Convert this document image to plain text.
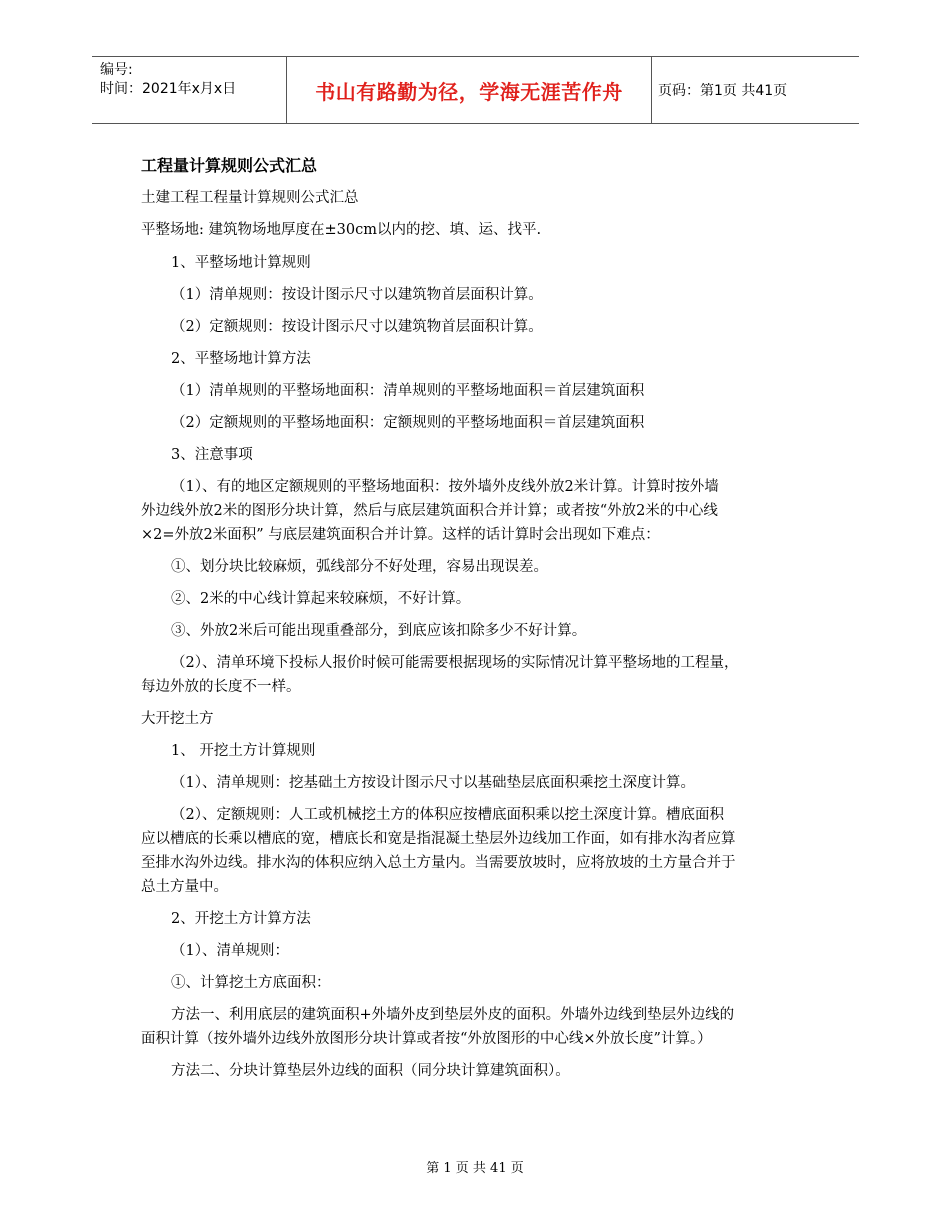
编号:
时间：2021年x月x日	书山有路勤为径，学海无涯苦作舟	页码：第1页 共41页
工程量计算规则公式汇总
土建工程工程量计算规则公式汇总
平整场地: 建筑物场地厚度在±30cm以内的挖、填、运、找平.
1、平整场地计算规则
（1）清单规则：按设计图示尺寸以建筑物首层面积计算。
（2）定额规则：按设计图示尺寸以建筑物首层面积计算。
2、平整场地计算方法
（1）清单规则的平整场地面积：清单规则的平整场地面积＝首层建筑面积
（2）定额规则的平整场地面积：定额规则的平整场地面积＝首层建筑面积
3、注意事项
（1）、有的地区定额规则的平整场地面积：按外墙外皮线外放2米计算。计算时按外墙
外边线外放2米的图形分块计算，然后与底层建筑面积合并计算；或者按“外放2米的中心线
×2=外放2米面积” 与底层建筑面积合并计算。这样的话计算时会出现如下难点：
①、划分块比较麻烦，弧线部分不好处理，容易出现误差。
②、2米的中心线计算起来较麻烦，不好计算。
③、外放2米后可能出现重叠部分，到底应该扣除多少不好计算。
（2）、清单环境下投标人报价时候可能需要根据现场的实际情况计算平整场地的工程量，
每边外放的长度不一样。
大开挖土方
1、 开挖土方计算规则
（1）、清单规则：挖基础土方按设计图示尺寸以基础垫层底面积乘挖土深度计算。
（2）、定额规则：人工或机械挖土方的体积应按槽底面积乘以挖土深度计算。槽底面积
应以槽底的长乘以槽底的宽，槽底长和宽是指混凝土垫层外边线加工作面，如有排水沟者应算
至排水沟外边线。排水沟的体积应纳入总土方量内。当需要放坡时，应将放坡的土方量合并于
总土方量中。
2、开挖土方计算方法
（1）、清单规则：
①、计算挖土方底面积：
方法一、利用底层的建筑面积+外墙外皮到垫层外皮的面积。外墙外边线到垫层外边线的
面积计算（按外墙外边线外放图形分块计算或者按“外放图形的中心线×外放长度”计算。）
方法二、分块计算垫层外边线的面积（同分块计算建筑面积）。
第 1 页 共 41 页
